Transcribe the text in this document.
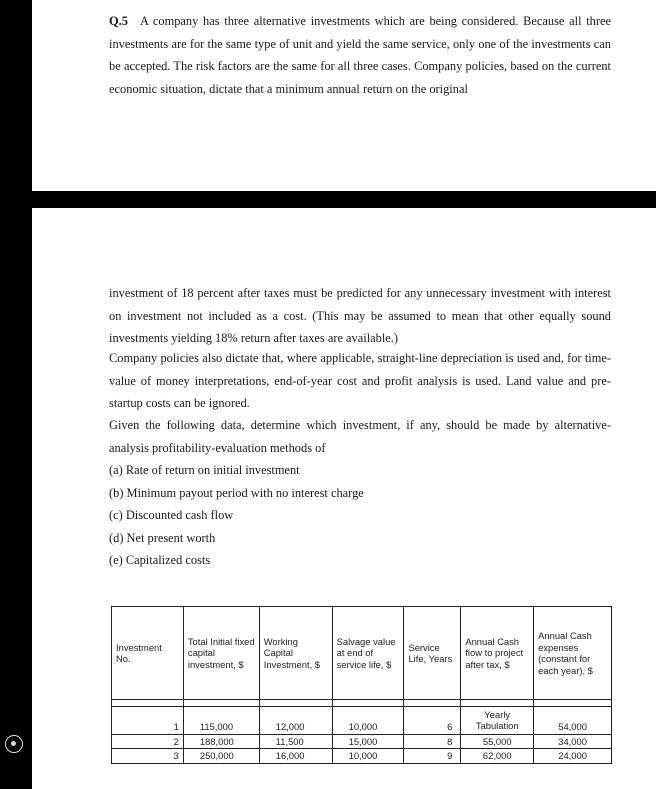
Q.5 A company has three alternative investments which are being considered. Because all three investments are for the same type of unit and yield the same service, only one of the investments can be accepted. The risk factors are the same for all three cases. Company policies, based on the current economic situation, dictate that a minimum annual return on the original

investment of 18 percent after taxes must be predicted for any unnecessary investment with interest on investment not included as a cost. (This may be assumed to mean that other equally sound investments yielding 18% return after taxes are available.)

Company policies also dictate that, where applicable, straight-line depreciation is used and, for time-value of money interpretations, end-of-year cost and profit analysis is used. Land value and pre-startup costs can be ignored.

Given the following data, determine which investment, if any, should be made by alternative-analysis profitability-evaluation methods of

(a) Rate of return on initial investment
(b) Minimum payout period with no interest charge
(c) Discounted cash flow
(d) Net present worth
(e) Capitalized costs
Investment No.	Total Initial fixed capital investment, $	Working Capital Investment, $	Salvage value at end of service life, $	Service Life, Years	Annual Cash flow to project after tax, $	Annual Cash expenses (constant for each year), $

1	115,000	12,000	10,000	6	Yearly Tabulation	54,000
2	188,000	11,500	15,000	8	55,000	34,000
3	250,000	16,000	10,000	9	62,000	24,000
